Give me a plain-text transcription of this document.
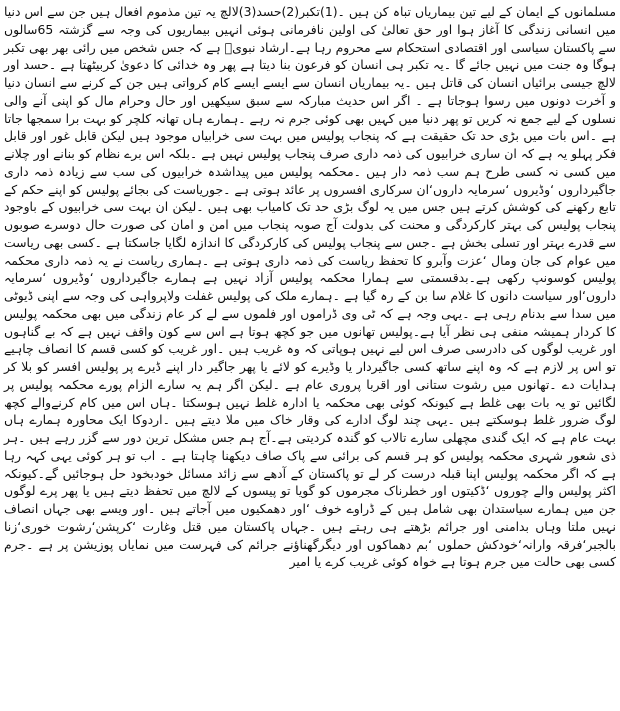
مسلمانوں کے ایمان کے لیے تین بیماریاں تباہ کن ہیں ۔(1)تکبر(2)حسد(3)لالچ یہ تین مذموم افعال ہیں جن سے اس دنیا میں انسانی زندگی کا آغاز ہوا اور حق تعالیٰ کی اولین نافرمانی ہوئی انہیں بیماریوں کی وجہ سے گزشتہ 65سالوں سے پاکستان سیاسی اور اقتصادی استحکام سے محروم رہا ہے۔ارشاد نبویؐ ہے کہ جس شخص میں رائی بھر بھی تکبر ہوگا وہ جنت میں نہیں جائے گا ۔یہ تکبر ہی انسان کو فرعون بنا دیتا ہے پھر وہ خدائی کا دعویٰ کربیٹھتا ہے ۔حسد اور لالچ جیسی برائیاں انسان کی قاتل ہیں ۔یہ بیماریاں انسان سے ایسے ایسے کام کرواتی ہیں جن کے کرنے سے انسان دنیا و آخرت دونوں میں رسوا ہوجاتا ہے ۔ اگر اس حدیث مبارکہ سے سبق سیکھیں اور حال وحرام مال کو اپنی آنے والی نسلوں کے لیے جمع نہ کریں تو پھر دنیا میں کہیں بھی کوئی جرم نہ رہے ۔ہمارے ہاں تھانہ کلچر کو بہت برا سمجھا جاتا ہے ۔اس بات میں بڑی حد تک حقیقت ہے کہ پنجاب پولیس میں بہت سی خرابیاں موجود ہیں لیکن قابل غور اور قابل فکر پہلو یہ ہے کہ ان ساری خرابیوں کی ذمہ داری صرف پنجاب پولیس نہیں ہے ۔بلکہ اس برے نظام کو بنانے اور چلانے میں کسی نہ کسی طرح ہم سب ذمہ دار ہیں ۔محکمہ پولیس میں پیداشدہ خرابیوں کی سب سے زیادہ ذمہ داری جاگیرداروں ‘وڈیروں ‘سرمایہ داروں‘ان سرکاری افسروں پر عائد ہوتی ہے ۔جوریاست کی بجائے پولیس کو اپنے حکم کے تابع رکھنے کی کوشش کرتے ہیں جس میں یہ لوگ بڑی حد تک کامیاب بھی ہیں ۔لیکن ان بہت سی خرابیوں کے باوجود پنجاب پولیس کی بہتر کارکردگی و محنت کی بدولت آج صوبہ پنجاب میں امن و امان کی صورت حال دوسرے صوبوں سے قدرے بہتر اور تسلی بخش ہے ۔جس سے پنجاب پولیس کی کارکردگی کا اندازہ لگایا جاسکتا ہے ۔کسی بھی ریاست میں عوام کی جان ومال ‘عزت وآبرو کا تحفظ ریاست کی ذمہ داری ہوتی ہے ۔ہماری ریاست نے یہ ذمہ داری محکمہ پولیس کوسونپ رکھی ہے۔بدقسمتی سے ہمارا محکمہ پولیس آزاد نہیں ہے ہمارے جاگیرداروں ‘وڈیروں ‘سرمایہ داروں‘اور سیاست دانوں کا غلام سا بن کے رہ گیا ہے ۔ہمارے ملک کی پولیس غفلت ولاپرواہی کی وجہ سے اپنی ڈیوٹی میں سدا سے بدنام رہی ہے ۔یہی وجہ ہے کہ ٹی وی ڈراموں اور فلموں سے لے کر عام زندگی میں بھی محکمہ پولیس کا کردار ہمیشہ منفی ہی نظر آیا ہے۔پولیس تھانوں میں جو کچھ ہوتا ہے اس سے کون واقف نہیں ہے کہ بے گناہوں اور غریب لوگوں کی دادرسی صرف اس لیے نہیں ہوپاتی کہ وہ غریب ہیں ۔اور غریب کو کسی قسم کا انصاف چاہیے تو اس پر لازم ہے کہ وہ اپنے ساتھ کسی جاگیردار یا وڈیرے کو لائے یا پھر جاگیر دار اپنے ڈیرے پر پولیس افسر کو بلا کر ہدایات دے ۔تھانوں میں رشوت ستانی اور اقربا پروری عام ہے ۔لیکن اگر ہم یہ سارے الزام پورے محکمہ پولیس پر لگائیں تو یہ بات بھی غلط ہے کیونکہ کوئی بھی محکمہ یا ادارہ غلط نہیں ہوسکتا ۔ہاں اس میں کام کرنےوالے کچھ لوگ ضرور غلط ہوسکتے ہیں ۔یہی چند لوگ ادارے کی وقار خاک میں ملا دیتے ہیں ۔اردوکا ایک محاورہ ہمارے ہاں بہت عام ہے کہ ایک گندی مچھلی سارے تالاب کو گندہ کردیتی ہے۔آج ہم جس مشکل ترین دور سے گزر رہے ہیں ۔ہر ذی شعور شہری محکمہ پولیس کو ہر قسم کی برائی سے پاک صاف دیکھنا چاہتا ہے ۔ اب تو ہر کوئی یہی کہہ رہا ہے کہ اگر محکمہ پولیس اپنا قبلہ درست کر لے تو پاکستان کے آدھے سے زائد مسائل خودبخود حل ہوجائیں گے۔کیونکہ اکثر پولیس والے چوروں ‘ڈکیتوں اور خطرناک مجرموں کو گویا تو پیسوں کے لالچ میں تحفظ دیتے ہیں یا پھر پرے لوگوں جن میں ہمارے سیاستدان بھی شامل ہیں کے ڈراوے خوف ‘اور دھمکیوں میں آجاتے ہیں ۔اور ویسے بھی جہاں انصاف نہیں ملتا وہاں بدامنی اور جرائم بڑھتے ہی رہتے ہیں ۔جہاں پاکستان میں قتل وغارت ‘کرپشن‘رشوت خوری‘زنا بالجبر‘فرقہ وارانہ‘خودکش حملوں ‘بم دھماکوں اور دیگرگھناؤنے جرائم کی فہرست میں نمایاں پوزیشن پر ہے ۔جرم کسی بھی حالت میں جرم ہوتا ہے خواہ کوئی غریب کرے یا امیر
